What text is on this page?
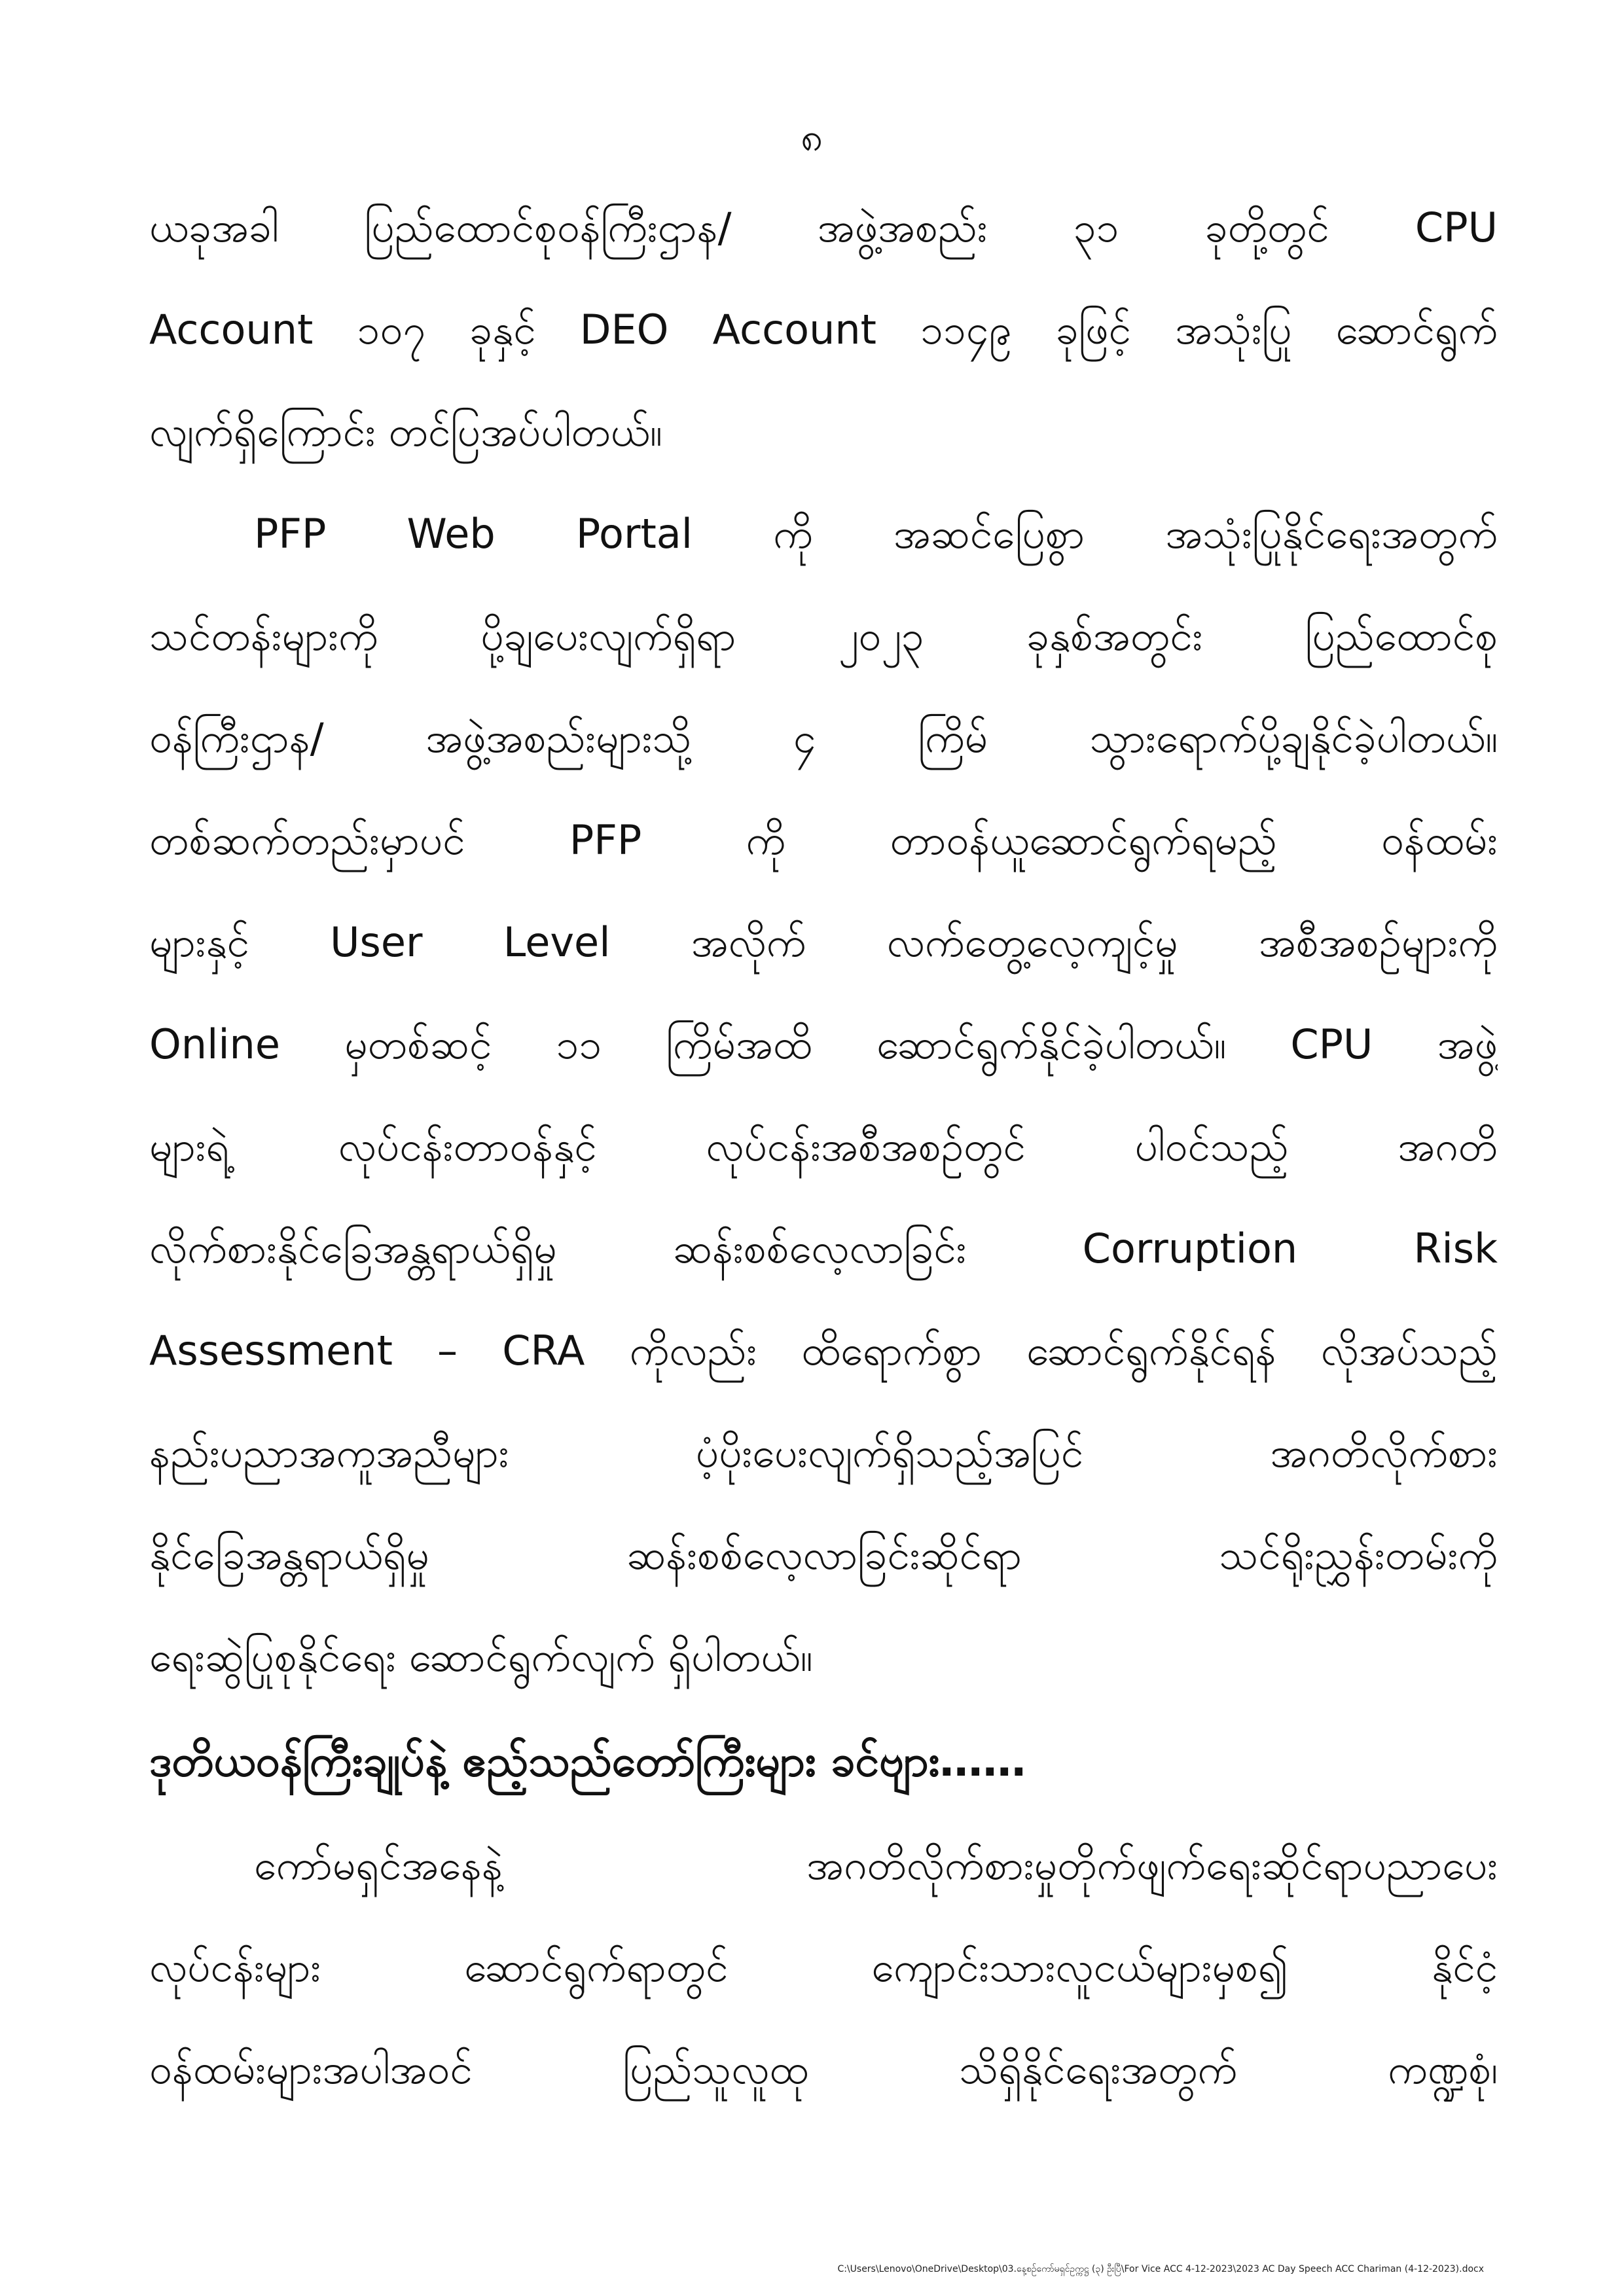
၈
ယခုအခါ ပြည်ထောင်စုဝန်ကြီးဌာန/ အဖွဲ့အစည်း ၃၁ ခုတို့တွင် CPU
Account ၁၀၇ ခုနှင့် DEO Account ၁၁၄၉ ခုဖြင့် အသုံးပြု ဆောင်ရွက်
လျက်ရှိကြောင်း တင်ပြအပ်ပါတယ်။
PFP Web Portal ကို အဆင်ပြေစွာ အသုံးပြုနိုင်ရေးအတွက်
သင်တန်းများကို ပို့ချပေးလျက်ရှိရာ ၂၀၂၃ ခုနှစ်အတွင်း ပြည်ထောင်စု
ဝန်ကြီးဌာန/ အဖွဲ့အစည်းများသို့ ၄ ကြိမ် သွားရောက်ပို့ချနိုင်ခဲ့ပါတယ်။
တစ်ဆက်တည်းမှာပင် PFP ကို တာဝန်ယူဆောင်ရွက်ရမည့် ဝန်ထမ်း
များနှင့် User Level အလိုက် လက်တွေ့လေ့ကျင့်မှု အစီအစဉ်များကို
Online မှတစ်ဆင့် ၁၁ ကြိမ်အထိ ဆောင်ရွက်နိုင်ခဲ့ပါတယ်။ CPU အဖွဲ့
များရဲ့ လုပ်ငန်းတာဝန်နှင့် လုပ်ငန်းအစီအစဉ်တွင် ပါဝင်သည့် အဂတိ
လိုက်စားနိုင်ခြေအန္တရာယ်ရှိမှု ဆန်းစစ်လေ့လာခြင်း Corruption Risk
Assessment – CRA ကိုလည်း ထိရောက်စွာ ဆောင်ရွက်နိုင်ရန် လိုအပ်သည့်
နည်းပညာအကူအညီများ ပံ့ပိုးပေးလျက်ရှိသည့်အပြင် အဂတိလိုက်စား
နိုင်ခြေအန္တရာယ်ရှိမှု ဆန်းစစ်လေ့လာခြင်းဆိုင်ရာ သင်ရိုးညွှန်းတမ်းကို
ရေးဆွဲပြုစုနိုင်ရေး ဆောင်ရွက်လျက် ရှိပါတယ်။
ဒုတိယဝန်ကြီးချုပ်နဲ့ ဧည့်သည်တော်ကြီးများ ခင်ဗျား……
ကော်မရှင်အနေနဲ့ အဂတိလိုက်စားမှုတိုက်ဖျက်ရေးဆိုင်ရာပညာပေး
လုပ်ငန်းများ ဆောင်ရွက်ရာတွင် ကျောင်းသားလူငယ်များမှစ၍ နိုင်ငံ့
ဝန်ထမ်းများအပါအဝင် ပြည်သူလူထု သိရှိနိုင်ရေးအတွက် ကဏ္ဍစုံ၊
C:\Users\Lenovo\OneDrive\Desktop\03.နေ့စဉ်ကော်မရှင်ဥက္ကဋ္ဌ (၃) ဦးပြီ\For Vice ACC 4-12-2023\2023 AC Day Speech ACC Chariman (4-12-2023).docx
